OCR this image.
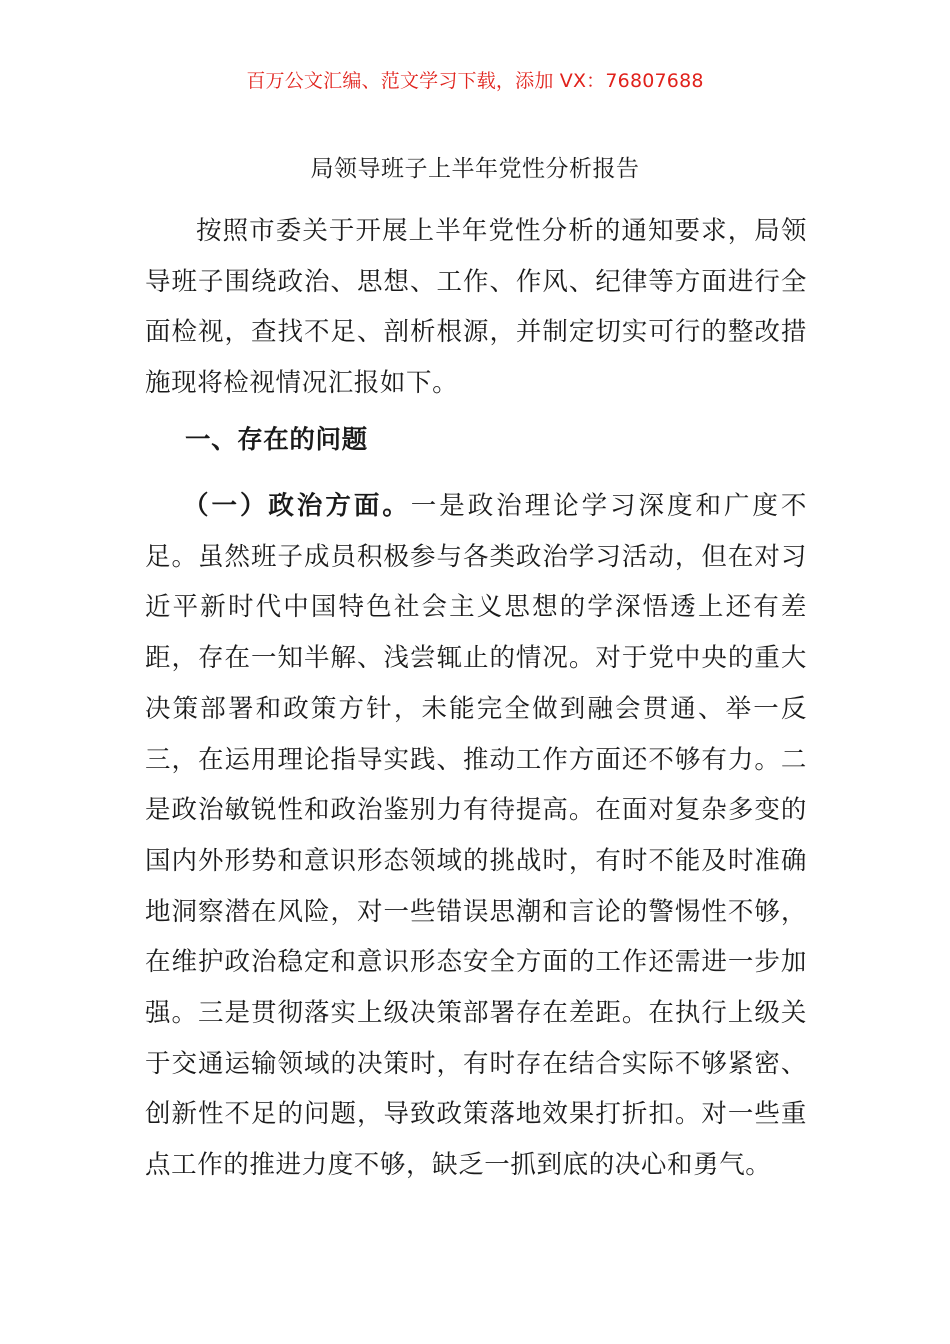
百万公文汇编、范文学习下载，添加 VX：76807688
局领导班子上半年党性分析报告

按照市委关于开展上半年党性分析的通知要求，局领导班子围绕政治、思想、工作、作风、纪律等方面进行全面检视，查找不足、剖析根源，并制定切实可行的整改措施现将检视情况汇报如下。

一、存在的问题

（一）政治方面。一是政治理论学习深度和广度不足。虽然班子成员积极参与各类政治学习活动，但在对习近平新时代中国特色社会主义思想的学深悟透上还有差距，存在一知半解、浅尝辄止的情况。对于党中央的重大决策部署和政策方针，未能完全做到融会贯通、举一反三，在运用理论指导实践、推动工作方面还不够有力。二是政治敏锐性和政治鉴别力有待提高。在面对复杂多变的国内外形势和意识形态领域的挑战时，有时不能及时准确地洞察潜在风险，对一些错误思潮和言论的警惕性不够，在维护政治稳定和意识形态安全方面的工作还需进一步加强。三是贯彻落实上级决策部署存在差距。在执行上级关于交通运输领域的决策时，有时存在结合实际不够紧密、创新性不足的问题，导致政策落地效果打折扣。对一些重点工作的推进力度不够，缺乏一抓到底的决心和勇气。
